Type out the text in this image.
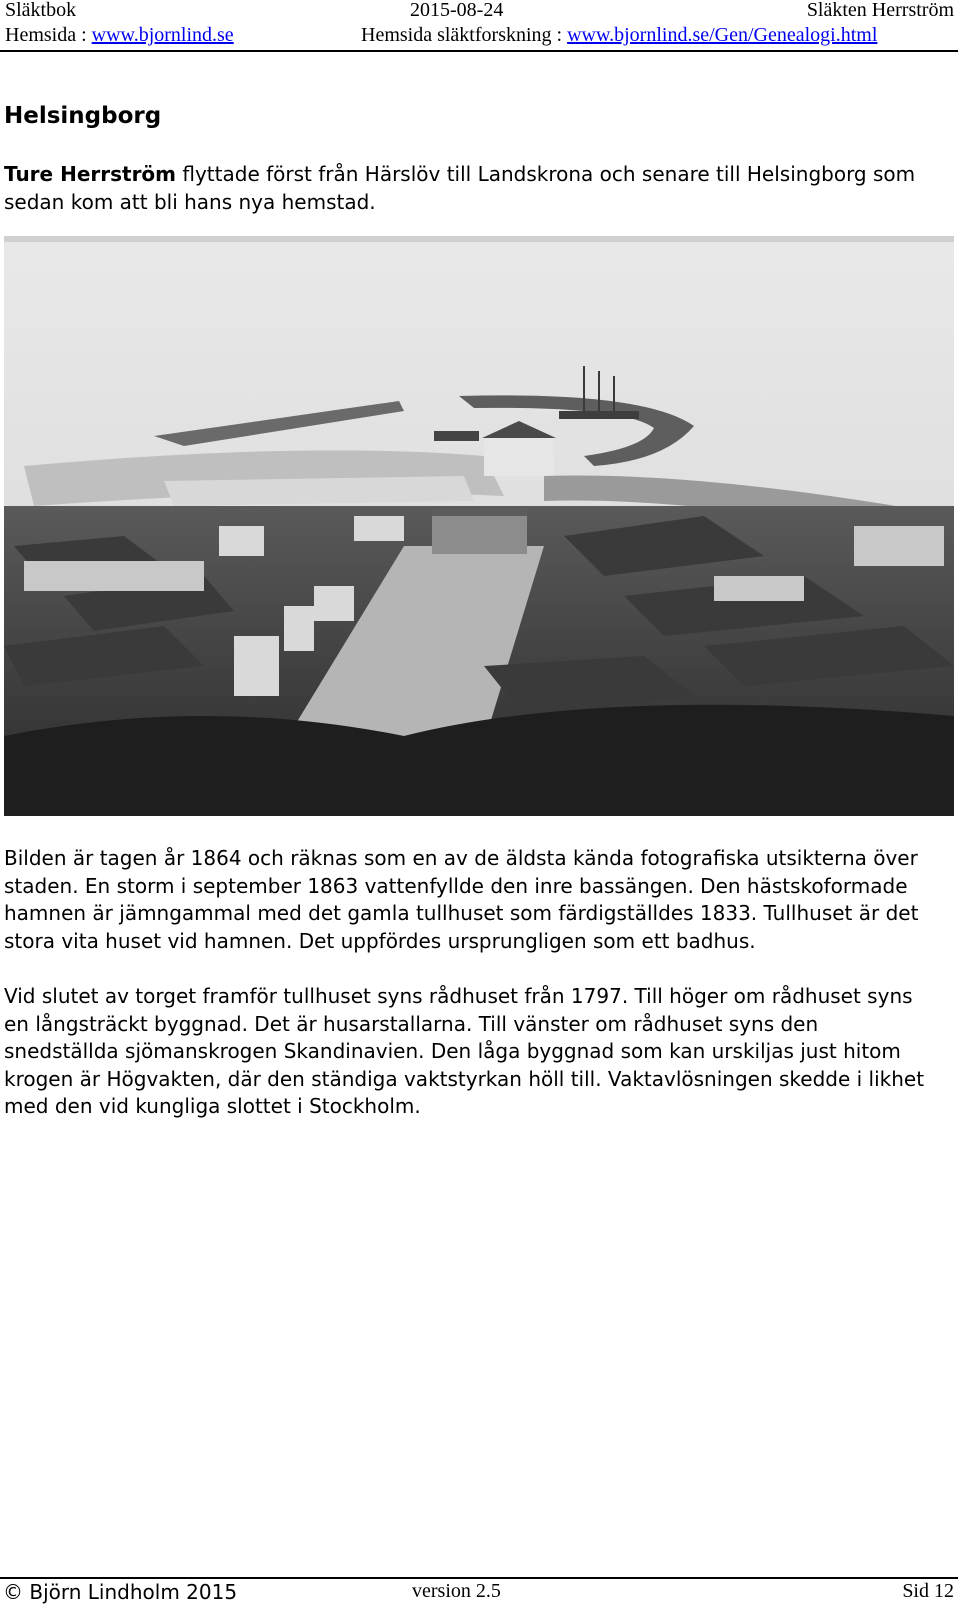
Släktbok	2015-08-24	Släkten Herrström
Hemsida : www.bjornlind.se	Hemsida släktforskning : www.bjornlind.se/Gen/Genealogi.html
Helsingborg
Ture Herrström flyttade först från Härslöv till Landskrona och senare till Helsingborg som sedan kom att bli hans nya hemstad.
Bilden är tagen år 1864 och räknas som en av de äldsta kända fotografiska utsikterna över staden. En storm i september 1863 vattenfyllde den inre bassängen. Den hästskoformade hamnen är jämngammal med det gamla tullhuset som färdigställdes 1833. Tullhuset är det stora vita huset vid hamnen. Det uppfördes ursprungligen som ett badhus.
Vid slutet av torget framför tullhuset syns rådhuset från 1797. Till höger om rådhuset syns en långsträckt byggnad. Det är husarstallarna. Till vänster om rådhuset syns den snedställda sjömanskrogen Skandinavien. Den låga byggnad som kan urskiljas just hitom krogen är Högvakten, där den ständiga vaktstyrkan höll till. Vaktavlösningen skedde i likhet med den vid kungliga slottet i Stockholm.
© Björn Lindholm 2015	version 2.5	Sid 12
